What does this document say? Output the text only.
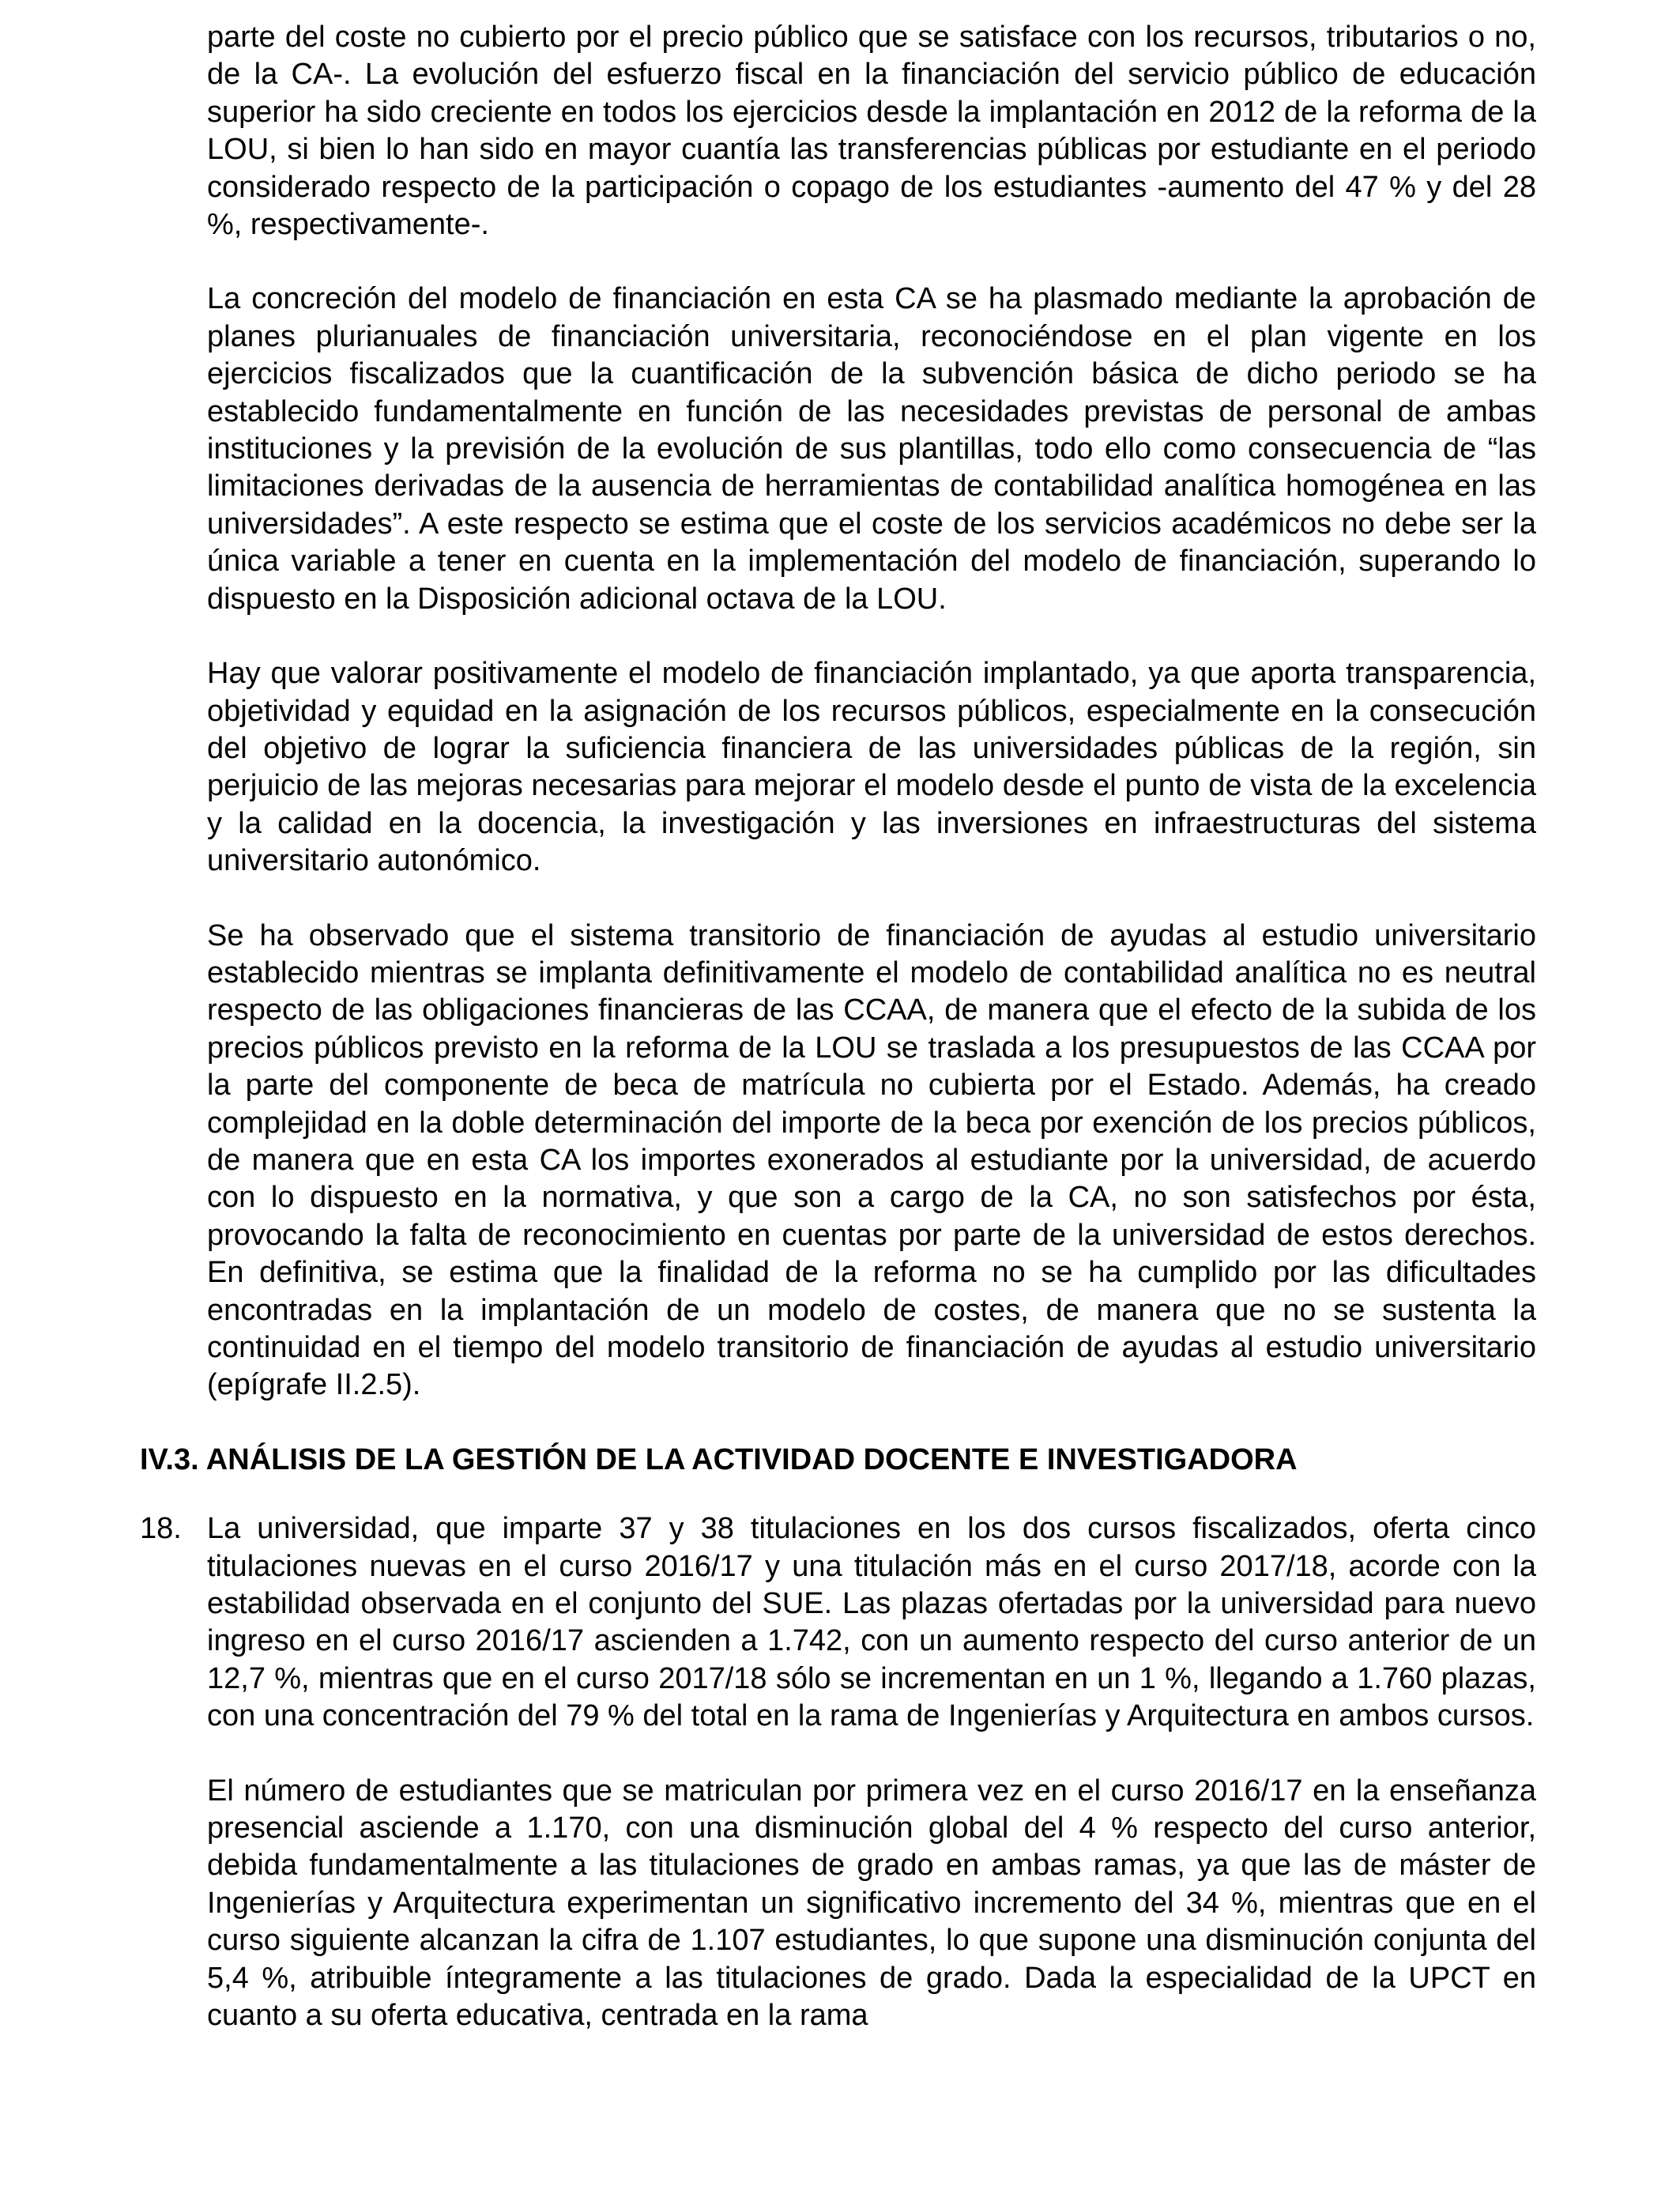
parte del coste no cubierto por el precio público que se satisface con los recursos, tributarios o no, de la CA-. La evolución del esfuerzo fiscal en la financiación del servicio público de educación superior ha sido creciente en todos los ejercicios desde la implantación en 2012 de la reforma de la LOU, si bien lo han sido en mayor cuantía las transferencias públicas por estudiante en el periodo considerado respecto de la participación o copago de los estudiantes -aumento del 47 % y del 28 %, respectivamente-.

La concreción del modelo de financiación en esta CA se ha plasmado mediante la aprobación de planes plurianuales de financiación universitaria, reconociéndose en el plan vigente en los ejercicios fiscalizados que la cuantificación de la subvención básica de dicho periodo se ha establecido fundamentalmente en función de las necesidades previstas de personal de ambas instituciones y la previsión de la evolución de sus plantillas, todo ello como consecuencia de “las limitaciones derivadas de la ausencia de herramientas de contabilidad analítica homogénea en las universidades”. A este respecto se estima que el coste de los servicios académicos no debe ser la única variable a tener en cuenta en la implementación del modelo de financiación, superando lo dispuesto en la Disposición adicional octava de la LOU.

Hay que valorar positivamente el modelo de financiación implantado, ya que aporta transparencia, objetividad y equidad en la asignación de los recursos públicos, especialmente en la consecución del objetivo de lograr la suficiencia financiera de las universidades públicas de la región, sin perjuicio de las mejoras necesarias para mejorar el modelo desde el punto de vista de la excelencia y la calidad en la docencia, la investigación y las inversiones en infraestructuras del sistema universitario autonómico.

Se ha observado que el sistema transitorio de financiación de ayudas al estudio universitario establecido mientras se implanta definitivamente el modelo de contabilidad analítica no es neutral respecto de las obligaciones financieras de las CCAA, de manera que el efecto de la subida de los precios públicos previsto en la reforma de la LOU se traslada a los presupuestos de las CCAA por la parte del componente de beca de matrícula no cubierta por el Estado. Además, ha creado complejidad en la doble determinación del importe de la beca por exención de los precios públicos, de manera que en esta CA los importes exonerados al estudiante por la universidad, de acuerdo con lo dispuesto en la normativa, y que son a cargo de la CA, no son satisfechos por ésta, provocando la falta de reconocimiento en cuentas por parte de la universidad de estos derechos. En definitiva, se estima que la finalidad de la reforma no se ha cumplido por las dificultades encontradas en la implantación de un modelo de costes, de manera que no se sustenta la continuidad en el tiempo del modelo transitorio de financiación de ayudas al estudio universitario (epígrafe II.2.5).

IV.3. ANÁLISIS DE LA GESTIÓN DE LA ACTIVIDAD DOCENTE E INVESTIGADORA
18. La universidad, que imparte 37 y 38 titulaciones en los dos cursos fiscalizados, oferta cinco titulaciones nuevas en el curso 2016/17 y una titulación más en el curso 2017/18, acorde con la estabilidad observada en el conjunto del SUE. Las plazas ofertadas por la universidad para nuevo ingreso en el curso 2016/17 ascienden a 1.742, con un aumento respecto del curso anterior de un 12,7 %, mientras que en el curso 2017/18 sólo se incrementan en un 1 %, llegando a 1.760 plazas, con una concentración del 79 % del total en la rama de Ingenierías y Arquitectura en ambos cursos.

El número de estudiantes que se matriculan por primera vez en el curso 2016/17 en la enseñanza presencial asciende a 1.170, con una disminución global del 4 % respecto del curso anterior, debida fundamentalmente a las titulaciones de grado en ambas ramas, ya que las de máster de Ingenierías y Arquitectura experimentan un significativo incremento del 34 %, mientras que en el curso siguiente alcanzan la cifra de 1.107 estudiantes, lo que supone una disminución conjunta del 5,4 %, atribuible íntegramente a las titulaciones de grado. Dada la especialidad de la UPCT en cuanto a su oferta educativa, centrada en la rama
